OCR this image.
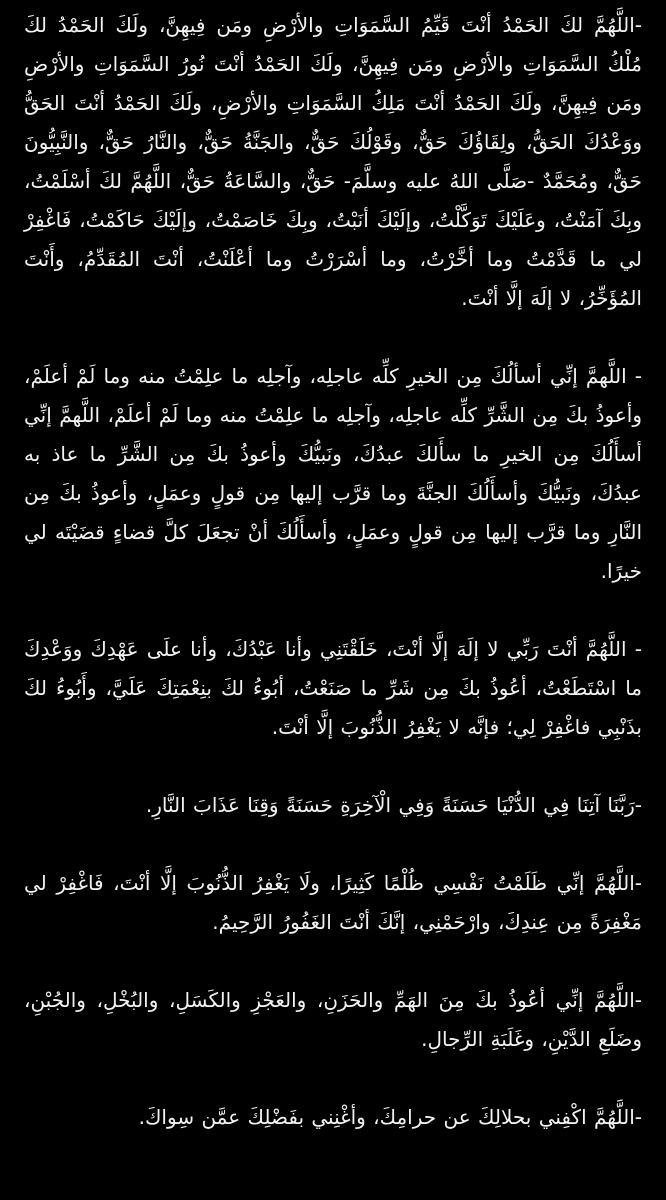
-اللَّهُمَّ لكَ الحَمْدُ أنْتَ قَيِّمُ السَّمَوَاتِ والأرْضِ ومَن فِيهِنَّ، ولَكَ الحَمْدُ لكَ مُلْكُ السَّمَوَاتِ والأرْضِ ومَن فِيهِنَّ، ولَكَ الحَمْدُ أنْتَ نُورُ السَّمَوَاتِ والأرْضِ ومَن فِيهِنَّ، ولَكَ الحَمْدُ أنْتَ مَلِكُ السَّمَوَاتِ والأرْضِ، ولَكَ الحَمْدُ أنْتَ الحَقُّ ووَعْدُكَ الحَقُّ، ولِقَاؤُكَ حَقٌّ، وقَوْلُكَ حَقٌّ، والجَنَّةُ حَقٌّ، والنَّارُ حَقٌّ، والنَّبِيُّونَ حَقٌّ، ومُحَمَّدٌ -صَلَّى اللهُ عليه وسلَّمَ- حَقٌّ، والسَّاعَةُ حَقٌّ، اللَّهُمَّ لكَ أسْلَمْتُ، وبِكَ آمَنْتُ، وعَلَيْكَ تَوَكَّلْتُ، وإلَيْكَ أنَبْتُ، وبِكَ خَاصَمْتُ، وإلَيْكَ حَاكَمْتُ، فَاغْفِرْ لي ما قَدَّمْتُ وما أخَّرْتُ، وما أسْرَرْتُ وما أعْلَنْتُ، أنْتَ المُقَدِّمُ، وأَنْتَ المُؤَخِّرُ، لا إلَهَ إلَّا أنْتَ.

- اللَّهمَّ إنِّي أسألُكَ مِن الخيرِ كلِّه عاجلِه، وآجلِه ما علِمْتُ منه وما لَمْ أعلَمْ، وأعوذُ بكَ مِن الشَّرِّ كلِّه عاجلِه، وآجلِه ما علِمْتُ منه وما لَمْ أعلَمْ، اللَّهمَّ إنِّي أسأَلُكَ مِن الخيرِ ما سأَلكَ عبدُكَ، ونَبيُّكَ وأعوذُ بكَ مِن الشَّرِّ ما عاذ به عبدُكَ، ونَبيُّكَ وأسأَلُكَ الجنَّةَ وما قرَّب إليها مِن قولٍ وعمَلٍ، وأعوذُ بكَ مِن النَّارِ وما قرَّب إليها مِن قولٍ وعمَلٍ، وأسأَلُكَ أنْ تجعَلَ كلَّ قضاءٍ قضَيْتَه لي خيرًا.

- اللَّهُمَّ أنْتَ رَبِّي لا إلَهَ إلَّا أنْتَ، خَلَقْتَنِي وأنا عَبْدُكَ، وأنا علَى عَهْدِكَ ووَعْدِكَ ما اسْتَطَعْتُ، أعُوذُ بكَ مِن شَرِّ ما صَنَعْتُ، أبُوءُ لكَ بنِعْمَتِكَ عَلَيَّ، وأَبُوءُ لكَ بذَنْبِي فاغْفِرْ لِي؛ فإنَّه لا يَغْفِرُ الذُّنُوبَ إلَّا أنْتَ.

-رَبَّنَا آتِنَا فِي الدُّنْيَا حَسَنَةً وَفِي الْآخِرَةِ حَسَنَةً وَقِنَا عَذَابَ النَّارِ.

-اللَّهُمَّ إنِّي ظَلَمْتُ نَفْسِي ظُلْمًا كَثِيرًا، ولَا يَغْفِرُ الذُّنُوبَ إلَّا أنْتَ، فَاغْفِرْ لي مَغْفِرَةً مِن عِندِكَ، وارْحَمْنِي، إنَّكَ أنْتَ الغَفُورُ الرَّحِيمُ.

-اللَّهُمَّ إنِّي أعُوذُ بكَ مِنَ الهَمِّ والحَزَنِ، والعَجْزِ والكَسَلِ، والبُخْلِ، والجُبْنِ، وضَلَعِ الدَّيْنِ، وغَلَبَةِ الرِّجالِ.

-اللَّهُمَّ اكْفِني بحلالِكَ عن حرامِكَ، وأغْنِني بفَضْلِكَ عمَّن سِواكَ.
